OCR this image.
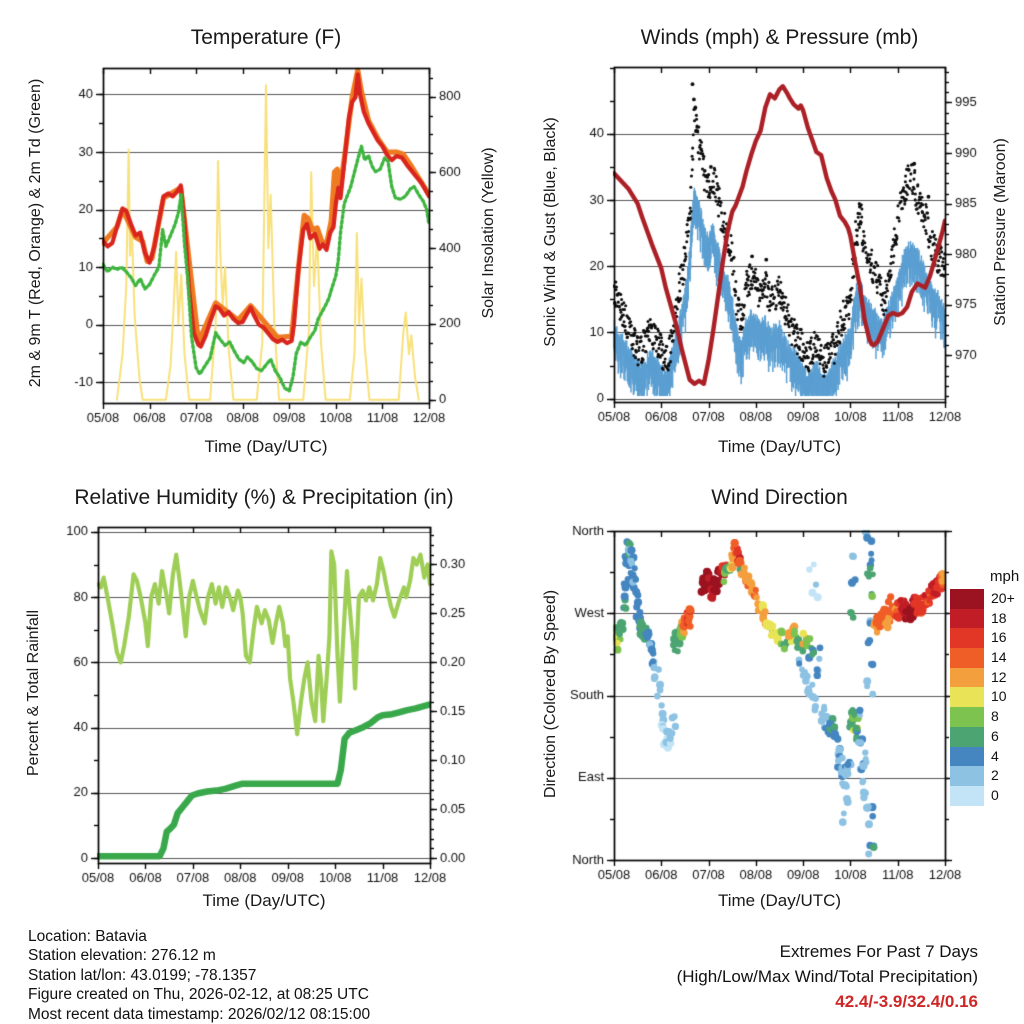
Temperature (F)	Winds (mph) & Pressure (mb)
Relative Humidity (%) & Precipitation (in)	Wind Direction
Time (Day/UTC)	Time (Day/UTC)
Time (Day/UTC)	Time (Day/UTC)
2m & 9m T (Red, Orange) & 2m Td (Green)	Solar Insolation (Yellow)	Sonic Wind & Gust (Blue, Black)	Station Pressure (Maroon)
Percent & Total Rainfall	Direction (Colored By Speed)
mph
20+
18
16
14
12
10
8
6
4
2
0
Location: Batavia
Station elevation: 276.12 m
Station lat/lon: 43.0199; -78.1357
Figure created on Thu, 2026-02-12, at 08:25 UTC
Most recent data timestamp: 2026/02/12 08:15:00
Extremes For Past 7 Days
(High/Low/Max Wind/Total Precipitation)
42.4/-3.9/32.4/0.16
